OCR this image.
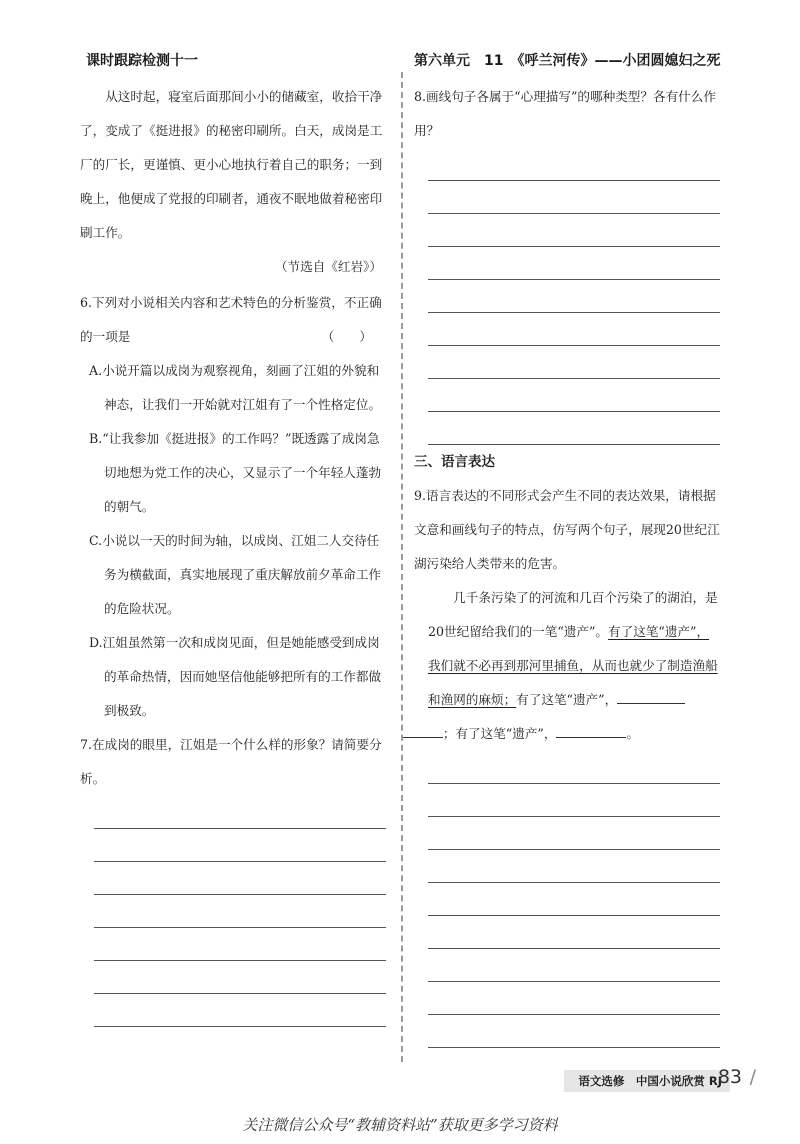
课时跟踪检测十一	第六单元　11　《呼兰河传》——小团圆媳妇之死

从这时起，寝室后面那间小小的储藏室，收拾干净了，变成了《挺进报》的秘密印刷所。白天，成岗是工厂的厂长，更谨慎、更小心地执行着自己的职务；一到晚上，他便成了党报的印刷者，通夜不眠地做着秘密印刷工作。

（节选自《红岩》）

6.下列对小说相关内容和艺术特色的分析鉴赏，不正确的一项是	（　　）

A.小说开篇以成岗为观察视角，刻画了江姐的外貌和神态，让我们一开始就对江姐有了一个性格定位。

B.“让我参加《挺进报》的工作吗？”既透露了成岗急切地想为党工作的决心，又显示了一个年轻人蓬勃的朝气。

C.小说以一天的时间为轴，以成岗、江姐二人交待任务为横截面，真实地展现了重庆解放前夕革命工作的危险状况。

D.江姐虽然第一次和成岗见面，但是她能感受到成岗的革命热情，因而她坚信他能够把所有的工作都做到极致。

7.在成岗的眼里，江姐是一个什么样的形象？请简要分析。

8.画线句子各属于“心理描写”的哪种类型？各有什么作用？

三、语言表达

9.语言表达的不同形式会产生不同的表达效果，请根据文意和画线句子的特点，仿写两个句子，展现20世纪江湖污染给人类带来的危害。

几千条污染了的河流和几百个污染了的湖泊，是20世纪留给我们的一笔“遗产”。有了这笔“遗产”，我们就不必再到那河里捕鱼，从而也就少了制造渔船和渔网的麻烦；有了这笔“遗产”，
；有了这笔“遗产”，	。

语文选修　中国小说欣赏 RJ
83 /
关注微信公众号“教辅资料站”获取更多学习资料
